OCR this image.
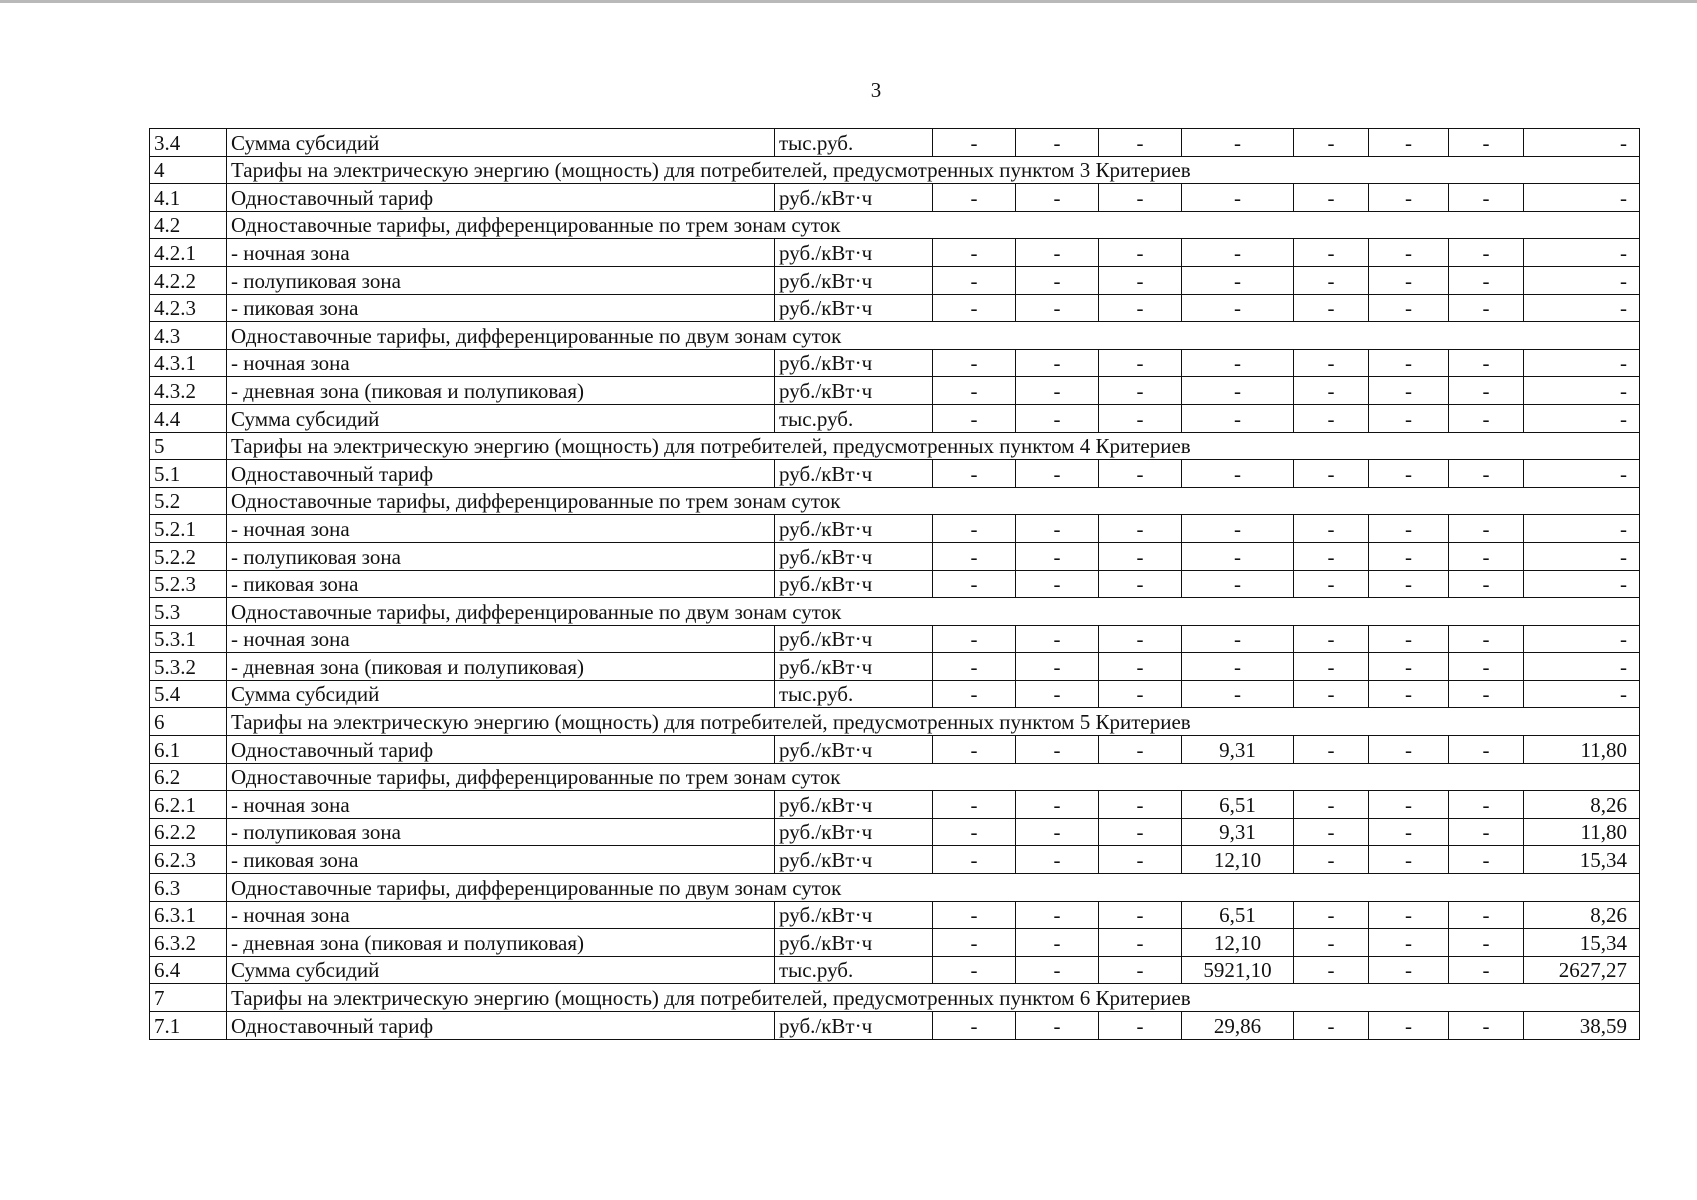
3
3.4	Сумма субсидий	тыс.руб.	-	-	-	-	-	-	-	-
4	Тарифы на электрическую энергию (мощность) для потребителей, предусмотренных пунктом 3 Критериев									
4.1	Одноставочный тариф	руб./кВт·ч	-	-	-	-	-	-	-	-
4.2	Одноставочные тарифы, дифференцированные по трем зонам суток									
4.2.1	- ночная зона	руб./кВт·ч	-	-	-	-	-	-	-	-
4.2.2	- полупиковая зона	руб./кВт·ч	-	-	-	-	-	-	-	-
4.2.3	- пиковая зона	руб./кВт·ч	-	-	-	-	-	-	-	-
4.3	Одноставочные тарифы, дифференцированные по двум зонам суток									
4.3.1	- ночная зона	руб./кВт·ч	-	-	-	-	-	-	-	-
4.3.2	- дневная зона (пиковая и полупиковая)	руб./кВт·ч	-	-	-	-	-	-	-	-
4.4	Сумма субсидий	тыс.руб.	-	-	-	-	-	-	-	-
5	Тарифы на электрическую энергию (мощность) для потребителей, предусмотренных пунктом 4 Критериев									
5.1	Одноставочный тариф	руб./кВт·ч	-	-	-	-	-	-	-	-
5.2	Одноставочные тарифы, дифференцированные по трем зонам суток									
5.2.1	- ночная зона	руб./кВт·ч	-	-	-	-	-	-	-	-
5.2.2	- полупиковая зона	руб./кВт·ч	-	-	-	-	-	-	-	-
5.2.3	- пиковая зона	руб./кВт·ч	-	-	-	-	-	-	-	-
5.3	Одноставочные тарифы, дифференцированные по двум зонам суток									
5.3.1	- ночная зона	руб./кВт·ч	-	-	-	-	-	-	-	-
5.3.2	- дневная зона (пиковая и полупиковая)	руб./кВт·ч	-	-	-	-	-	-	-	-
5.4	Сумма субсидий	тыс.руб.	-	-	-	-	-	-	-	-
6	Тарифы на электрическую энергию (мощность) для потребителей, предусмотренных пунктом 5 Критериев									
6.1	Одноставочный тариф	руб./кВт·ч	-	-	-	9,31	-	-	-	11,80
6.2	Одноставочные тарифы, дифференцированные по трем зонам суток									
6.2.1	- ночная зона	руб./кВт·ч	-	-	-	6,51	-	-	-	8,26
6.2.2	- полупиковая зона	руб./кВт·ч	-	-	-	9,31	-	-	-	11,80
6.2.3	- пиковая зона	руб./кВт·ч	-	-	-	12,10	-	-	-	15,34
6.3	Одноставочные тарифы, дифференцированные по двум зонам суток									
6.3.1	- ночная зона	руб./кВт·ч	-	-	-	6,51	-	-	-	8,26
6.3.2	- дневная зона (пиковая и полупиковая)	руб./кВт·ч	-	-	-	12,10	-	-	-	15,34
6.4	Сумма субсидий	тыс.руб.	-	-	-	5921,10	-	-	-	2627,27
7	Тарифы на электрическую энергию (мощность) для потребителей, предусмотренных пунктом 6 Критериев									
7.1	Одноставочный тариф	руб./кВт·ч	-	-	-	29,86	-	-	-	38,59
